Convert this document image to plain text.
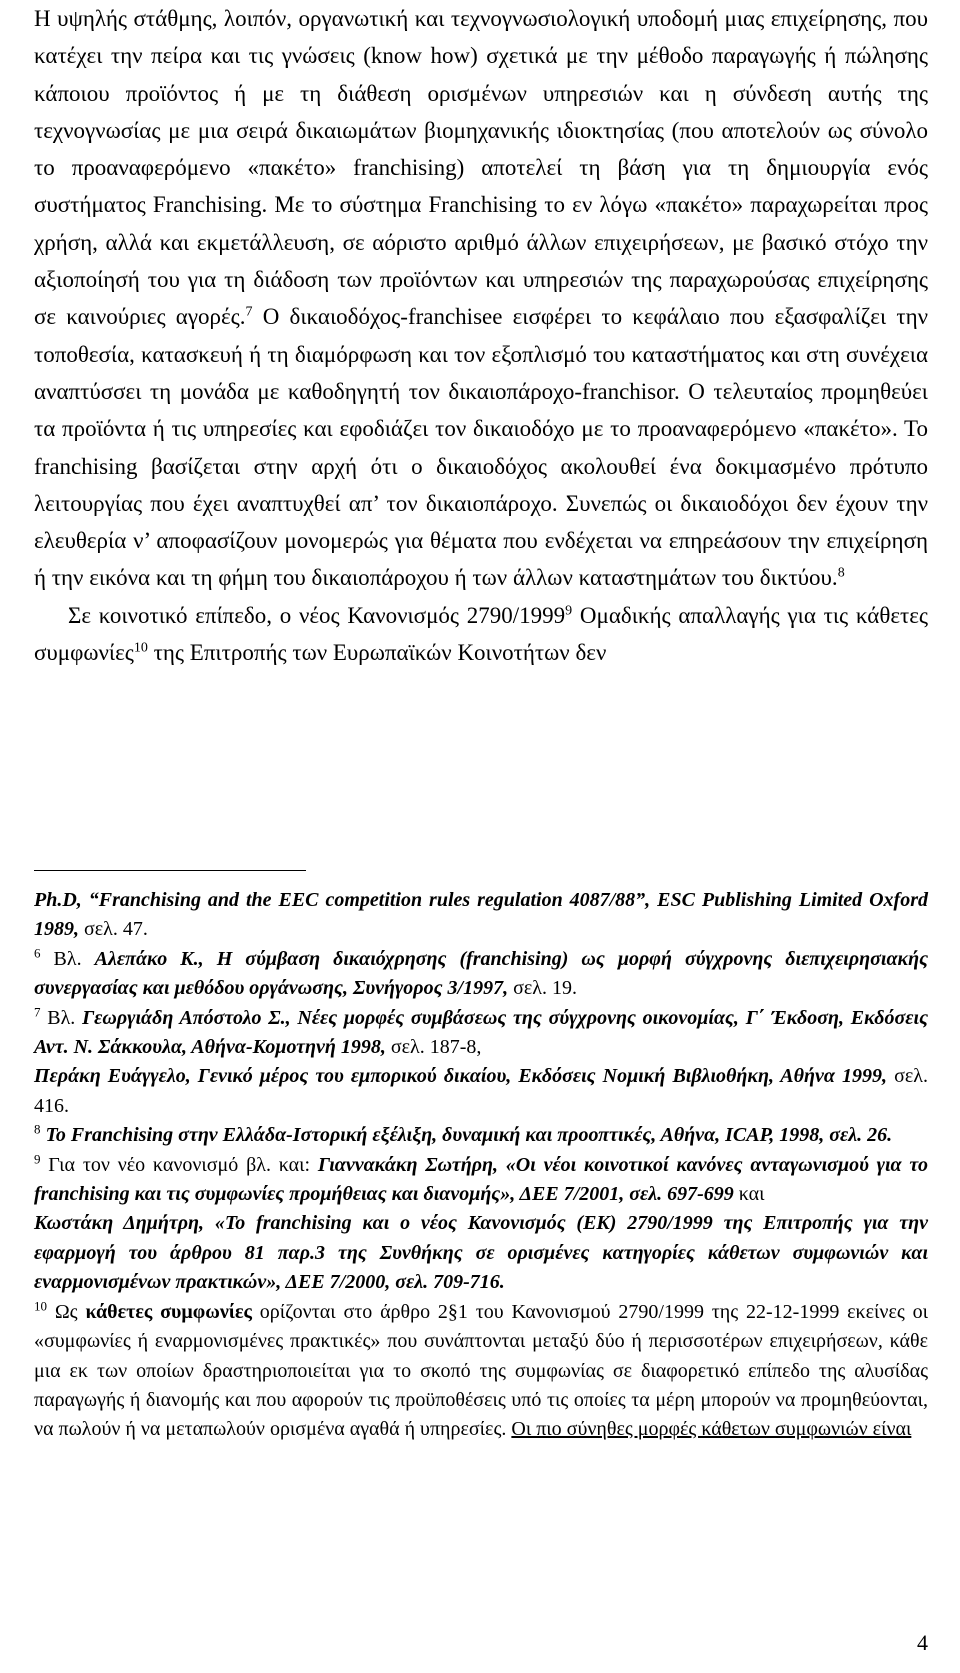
Η υψηλής στάθμης, λοιπόν, οργανωτική και τεχνογνωσιολογική υποδομή μιας επιχείρησης, που κατέχει την πείρα και τις γνώσεις (know how) σχετικά με την μέθοδο παραγωγής ή πώλησης κάποιου προϊόντος ή με τη διάθεση ορισμένων υπηρεσιών και η σύνδεση αυτής της τεχνογνωσίας με μια σειρά δικαιωμάτων βιομηχανικής ιδιοκτησίας (που αποτελούν ως σύνολο το προαναφερόμενο «πακέτο» franchising) αποτελεί τη βάση για τη δημιουργία ενός συστήματος Franchising. Με το σύστημα Franchising το εν λόγω «πακέτο» παραχωρείται προς χρήση, αλλά και εκμετάλλευση, σε αόριστο αριθμό άλλων επιχειρήσεων, με βασικό στόχο την αξιοποίησή του για τη διάδοση των προϊόντων και υπηρεσιών της παραχωρούσας επιχείρησης σε καινούριες αγορές.$^7$ Ο δικαιοδόχος-franchisee εισφέρει το κεφάλαιο που εξασφαλίζει την τοποθεσία, κατασκευή ή τη διαμόρφωση και τον εξοπλισμό του καταστήματος και στη συνέχεια αναπτύσσει τη μονάδα με καθοδηγητή τον δικαιοπάροχο-franchisor. Ο τελευταίος προμηθεύει τα προϊόντα ή τις υπηρεσίες και εφοδιάζει τον δικαιοδόχο με το προαναφερόμενο «πακέτο». Το franchising βασίζεται στην αρχή ότι ο δικαιοδόχος ακολουθεί ένα δοκιμασμένο πρότυπο λειτουργίας που έχει αναπτυχθεί απ’ τον δικαιοπάροχο. Συνεπώς οι δικαιοδόχοι δεν έχουν την ελευθερία ν’ αποφασίζουν μονομερώς για θέματα που ενδέχεται να επηρεάσουν την επιχείρηση ή την εικόνα και τη φήμη του δικαιοπάροχου ή των άλλων καταστημάτων του δικτύου.$^8$

Σε κοινοτικό επίπεδο, ο νέος Κανονισμός 2790/1999$^9$ Ομαδικής απαλλαγής για τις κάθετες συμφωνίες$^{10}$ της Επιτροπής των Ευρωπαϊκών Κοινοτήτων δεν

Ph.D, “Franchising and the EEC competition rules regulation 4087/88”, ESC Publishing Limited Oxford 1989, σελ. 47.

$^6$ Βλ. Αλεπάκο Κ., Η σύμβαση δικαιόχρησης (franchising) ως μορφή σύγχρονης διεπιχειρησιακής συνεργασίας και μεθόδου οργάνωσης, Συνήγορος 3/1997, σελ. 19.

$^7$ Βλ. Γεωργιάδη Απόστολο Σ., Νέες μορφές συμβάσεως της σύγχρονης οικονομίας, Γ΄ Έκδοση, Εκδόσεις Αντ. Ν. Σάκκουλα, Αθήνα-Κομοτηνή 1998, σελ. 187-8,

Περάκη Ευάγγελο, Γενικό μέρος του εμπορικού δικαίου, Εκδόσεις Νομική Βιβλιοθήκη, Αθήνα 1999, σελ. 416.

$^8$ Το Franchising στην Ελλάδα-Ιστορική εξέλιξη, δυναμική και προοπτικές, Αθήνα, ICAP, 1998, σελ. 26.

$^9$ Για τον νέο κανονισμό βλ. και: Γιαννακάκη Σωτήρη, «Οι νέοι κοινοτικοί κανόνες ανταγωνισμού για το franchising και τις συμφωνίες προμήθειας και διανομής», ΔΕΕ 7/2001, σελ. 697-699 και

Κωστάκη Δημήτρη, «Το franchising και ο νέος Κανονισμός (ΕΚ) 2790/1999 της Επιτροπής για την εφαρμογή του άρθρου 81 παρ.3 της Συνθήκης σε ορισμένες κατηγορίες κάθετων συμφωνιών και εναρμονισμένων πρακτικών», ΔΕΕ 7/2000, σελ. 709-716.

$^{10}$ Ως κάθετες συμφωνίες ορίζονται στο άρθρο 2§1 του Κανονισμού 2790/1999 της 22-12-1999 εκείνες οι «συμφωνίες ή εναρμονισμένες πρακτικές» που συνάπτονται μεταξύ δύο ή περισσοτέρων επιχειρήσεων, κάθε μια εκ των οποίων δραστηριοποιείται για το σκοπό της συμφωνίας σε διαφορετικό επίπεδο της αλυσίδας παραγωγής ή διανομής και που αφορούν τις προϋποθέσεις υπό τις οποίες τα μέρη μπορούν να προμηθεύονται, να πωλούν ή να μεταπωλούν ορισμένα αγαθά ή υπηρεσίες. Οι πιο σύνηθες μορφές κάθετων συμφωνιών είναι

4
